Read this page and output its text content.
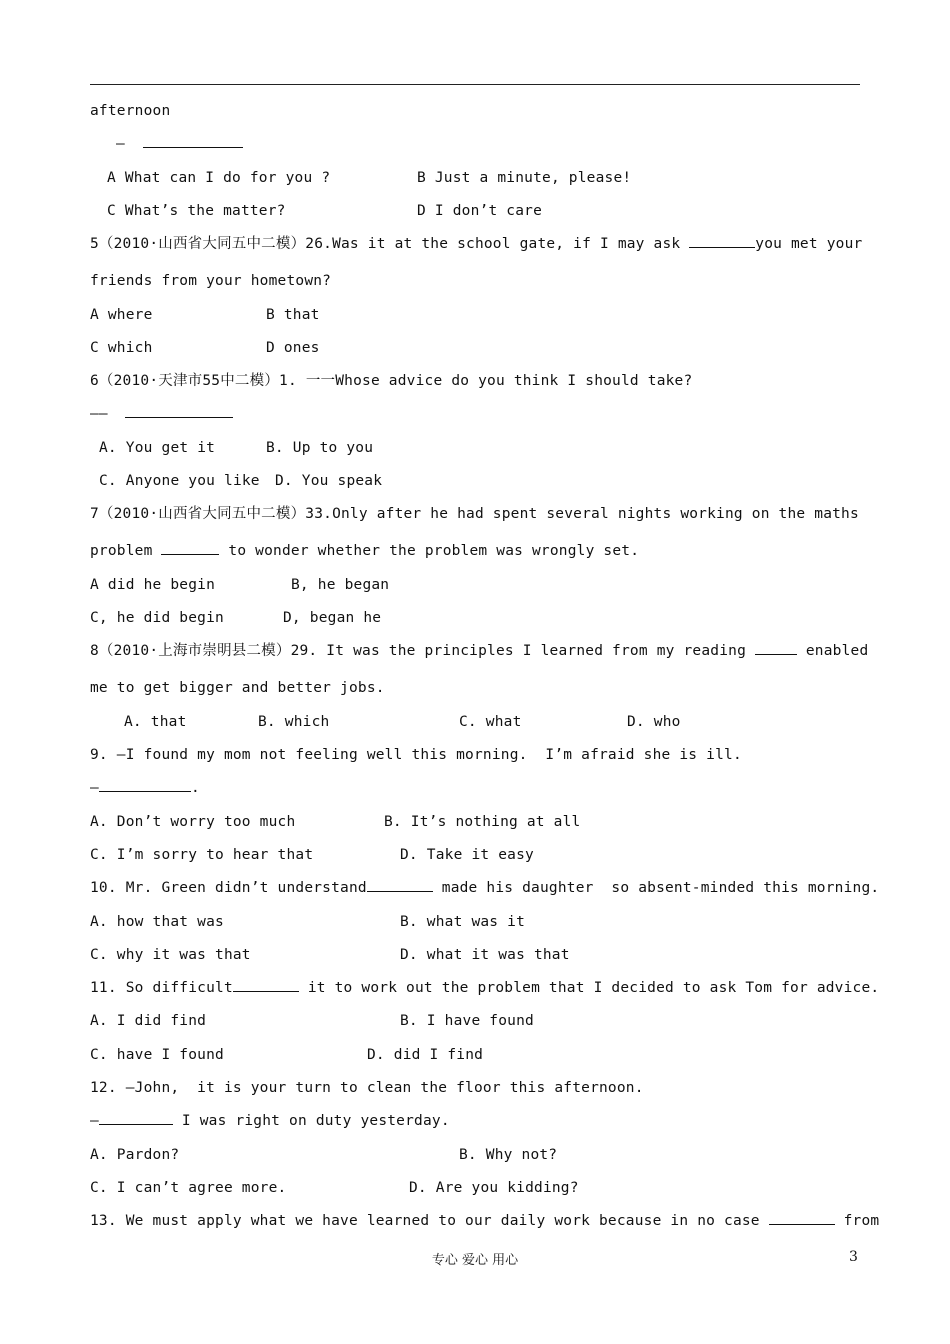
afternoon
—
A What can I do for you ?	B Just a minute, please!
C What’s the matter?	D I don’t care
5（2010·山西省大同五中二模）26.Was it at the school gate, if I may ask	you met your
friends from your hometown?
A where	B that
C which	D ones
6（2010·天津市55中二模）1. 一一Whose advice do you think I should take?
——
A. You get it	B. Up to you
C. Anyone you like D. You speak
7（2010·山西省大同五中二模）33.Only after he had spent several nights working on the maths
problem	to wonder whether the problem was wrongly set.
A did he begin	B, he began
C, he did begin	D, began he
8（2010·上海市崇明县二模）29. It was the principles I learned from my reading	enabled
me to get bigger and better jobs.
A. that	B. which	C. what	D. who
9. —I found my mom not feeling well this morning.  I’m afraid she is ill.
—	.
A. Don’t worry too much	B. It’s nothing at all
C. I’m sorry to hear that	D. Take it easy
10. Mr. Green didn’t understand	made his daughter  so absent-minded this morning.
A. how that was	B. what was it
C. why it was that	D. what it was that
11. So difficult	it to work out the problem that I decided to ask Tom for advice.
A. I did find	B. I have found
C. have I found	D. did I find
12. —John,  it is your turn to clean the floor this afternoon.
—	I was right on duty yesterday.
A. Pardon?	B. Why not?
C. I can’t agree more.	D. Are you kidding?
13. We must apply what we have learned to our daily work because in no case	from
专心 爱心 用心	3
